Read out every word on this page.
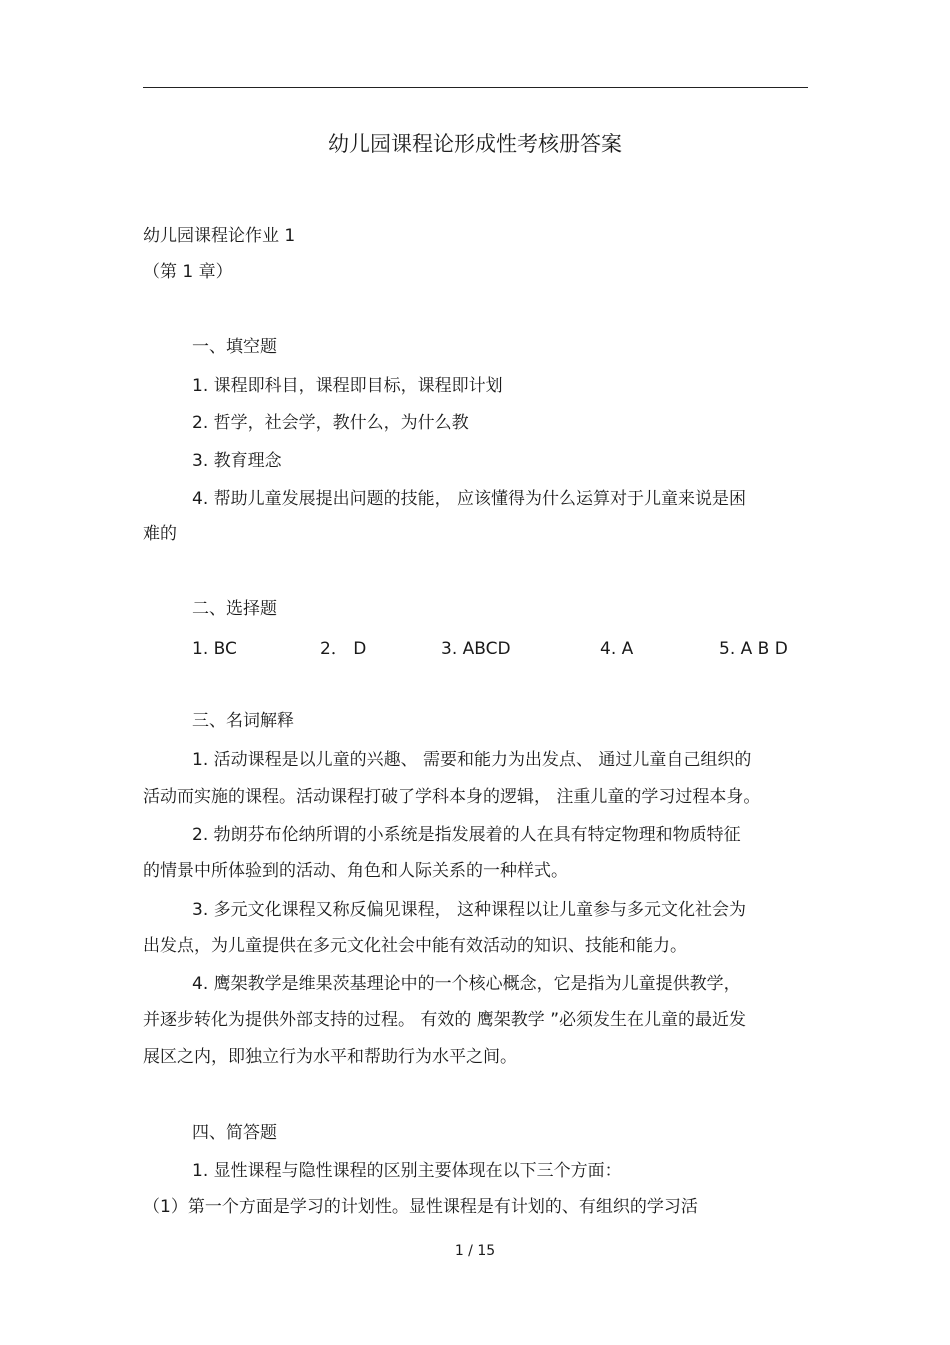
幼儿园课程论形成性考核册答案
幼儿园课程论作业 1
（第 1 章）
一、填空题
1. 课程即科目，课程即目标，课程即计划
2. 哲学，社会学，教什么，为什么教
3. 教育理念
4. 帮助儿童发展提出问题的技能， 应该懂得为什么运算对于儿童来说是困
难的
二、选择题
1. BC	2． D	3. ABCD	4. A	5. A B D
三、名词解释
1. 活动课程是以儿童的兴趣、 需要和能力为出发点、 通过儿童自己组织的
活动而实施的课程。活动课程打破了学科本身的逻辑， 注重儿童的学习过程本身。
2. 勃朗芬布伦纳所谓的小系统是指发展着的人在具有特定物理和物质特征
的情景中所体验到的活动、角色和人际关系的一种样式。
3. 多元文化课程又称反偏见课程， 这种课程以让儿童参与多元文化社会为
出发点，为儿童提供在多元文化社会中能有效活动的知识、技能和能力。
4. 鹰架教学是维果茨基理论中的一个核心概念，它是指为儿童提供教学，
并逐步转化为提供外部支持的过程。 有效的 鹰架教学 ”必须发生在儿童的最近发
展区之内，即独立行为水平和帮助行为水平之间。
四、简答题
1. 显性课程与隐性课程的区别主要体现在以下三个方面：
（1）第一个方面是学习的计划性。显性课程是有计划的、有组织的学习活
1 / 15
